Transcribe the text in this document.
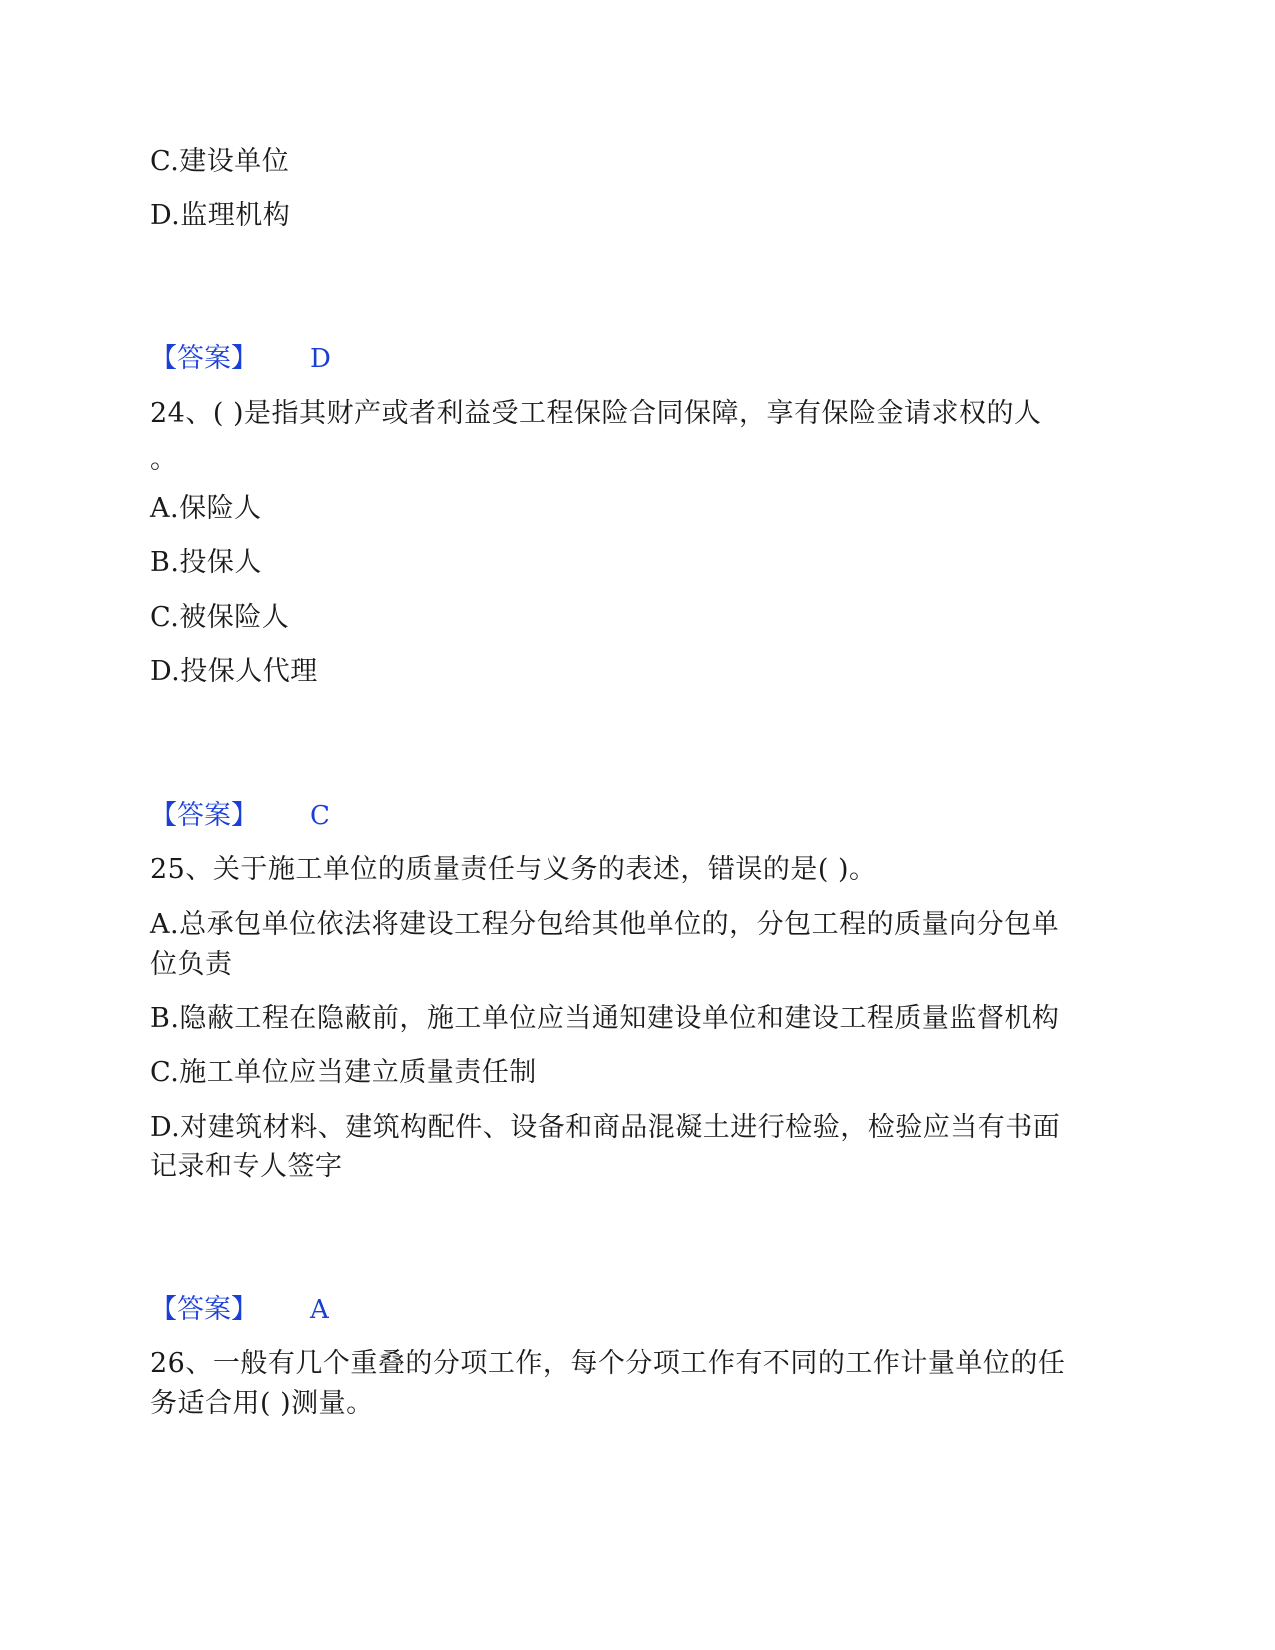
C.建设单位
D.监理机构
【答案】 D
24、( )是指其财产或者利益受工程保险合同保障，享有保险金请求权的人
。
A.保险人
B.投保人
C.被保险人
D.投保人代理
【答案】 C
25、关于施工单位的质量责任与义务的表述，错误的是( )。
A.总承包单位依法将建设工程分包给其他单位的，分包工程的质量向分包单
位负责
B.隐蔽工程在隐蔽前，施工单位应当通知建设单位和建设工程质量监督机构
C.施工单位应当建立质量责任制
D.对建筑材料、建筑构配件、设备和商品混凝土进行检验，检验应当有书面
记录和专人签字
【答案】 A
26、一般有几个重叠的分项工作，每个分项工作有不同的工作计量单位的任
务适合用( )测量。
